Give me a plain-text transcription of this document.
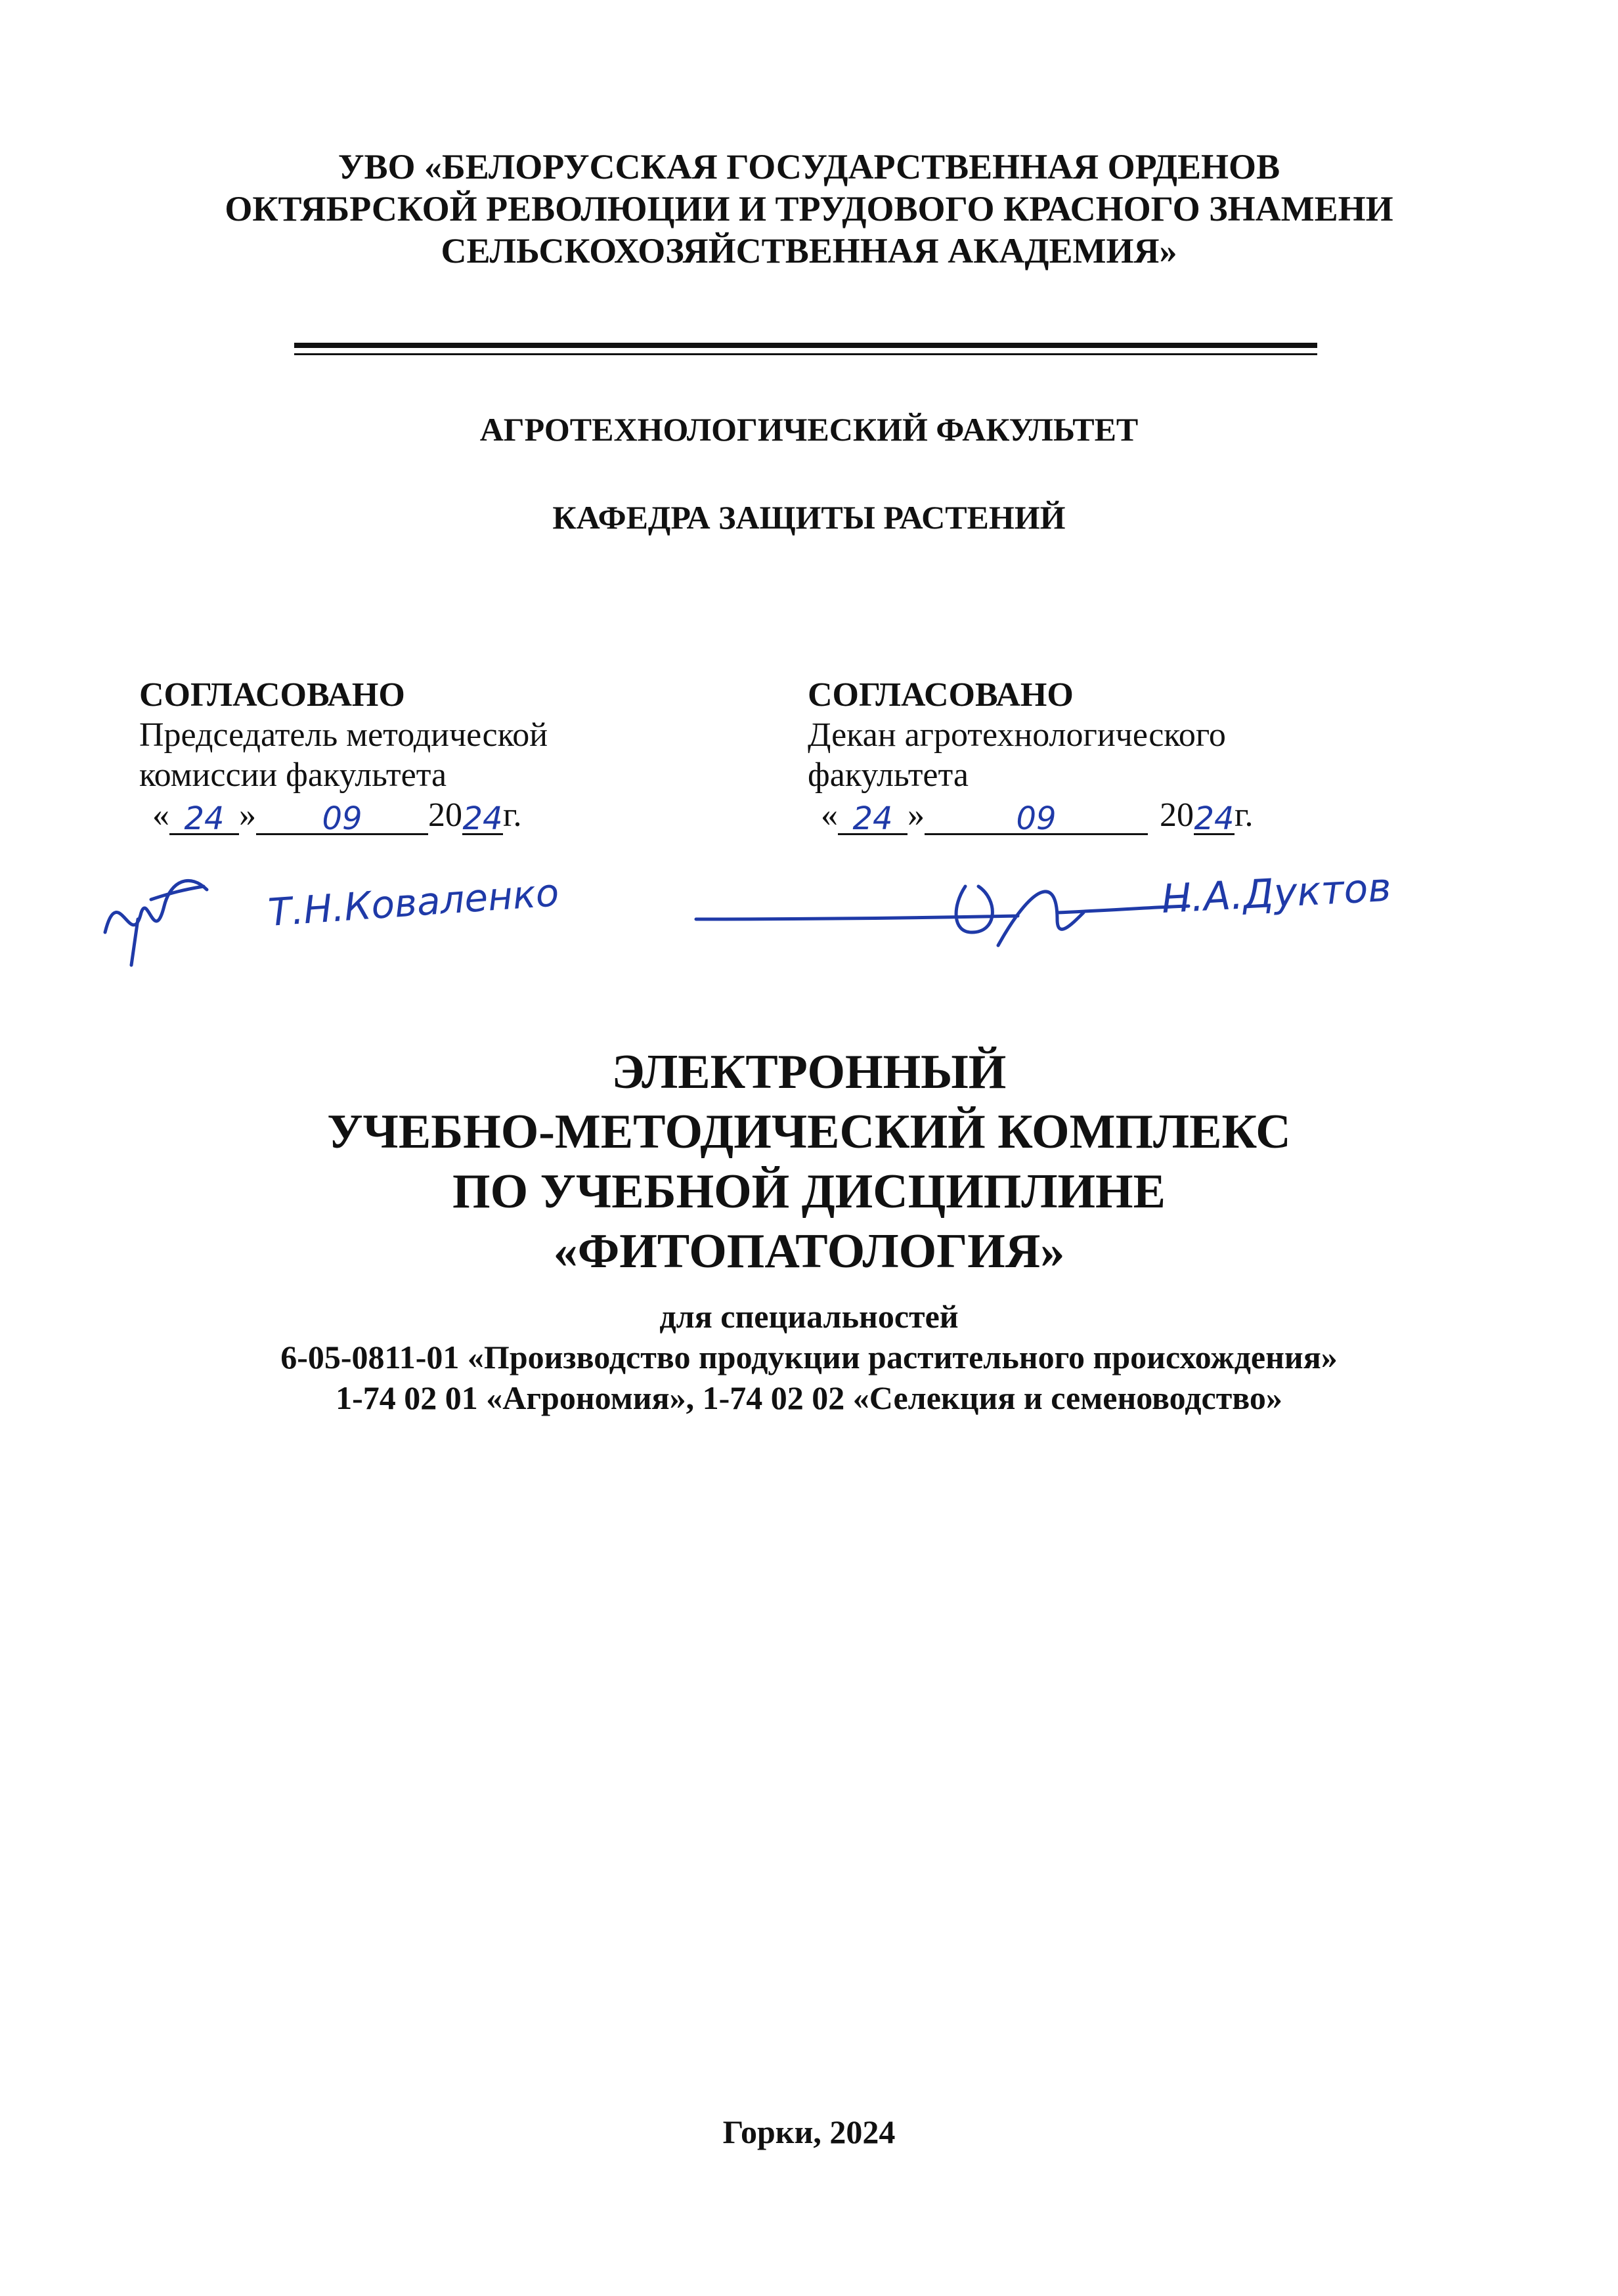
УВО «БЕЛОРУССКАЯ ГОСУДАРСТВЕННАЯ ОРДЕНОВ
ОКТЯБРСКОЙ РЕВОЛЮЦИИ И ТРУДОВОГО КРАСНОГО ЗНАМЕНИ
СЕЛЬСКОХОЗЯЙСТВЕННАЯ АКАДЕМИЯ»
АГРОТЕХНОЛОГИЧЕСКИЙ ФАКУЛЬТЕТ
КАФЕДРА ЗАЩИТЫ РАСТЕНИЙ
СОГЛАСОВАНО
Председатель методической
комиссии факультета
« 24 » 09 2024г.
Т.Н.Коваленко
СОГЛАСОВАНО
Декан агротехнологического
факультета
« 24 »	09	2024г.
Н.А.Дуктов
ЭЛЕКТРОННЫЙ
УЧЕБНО-МЕТОДИЧЕСКИЙ КОМПЛЕКС
ПО УЧЕБНОЙ ДИСЦИПЛИНЕ
«ФИТОПАТОЛОГИЯ»
для специальностей
6-05-0811-01 «Производство продукции растительного происхождения»
1-74 02 01 «Агрономия», 1-74 02 02 «Селекция и семеноводство»
Горки, 2024
